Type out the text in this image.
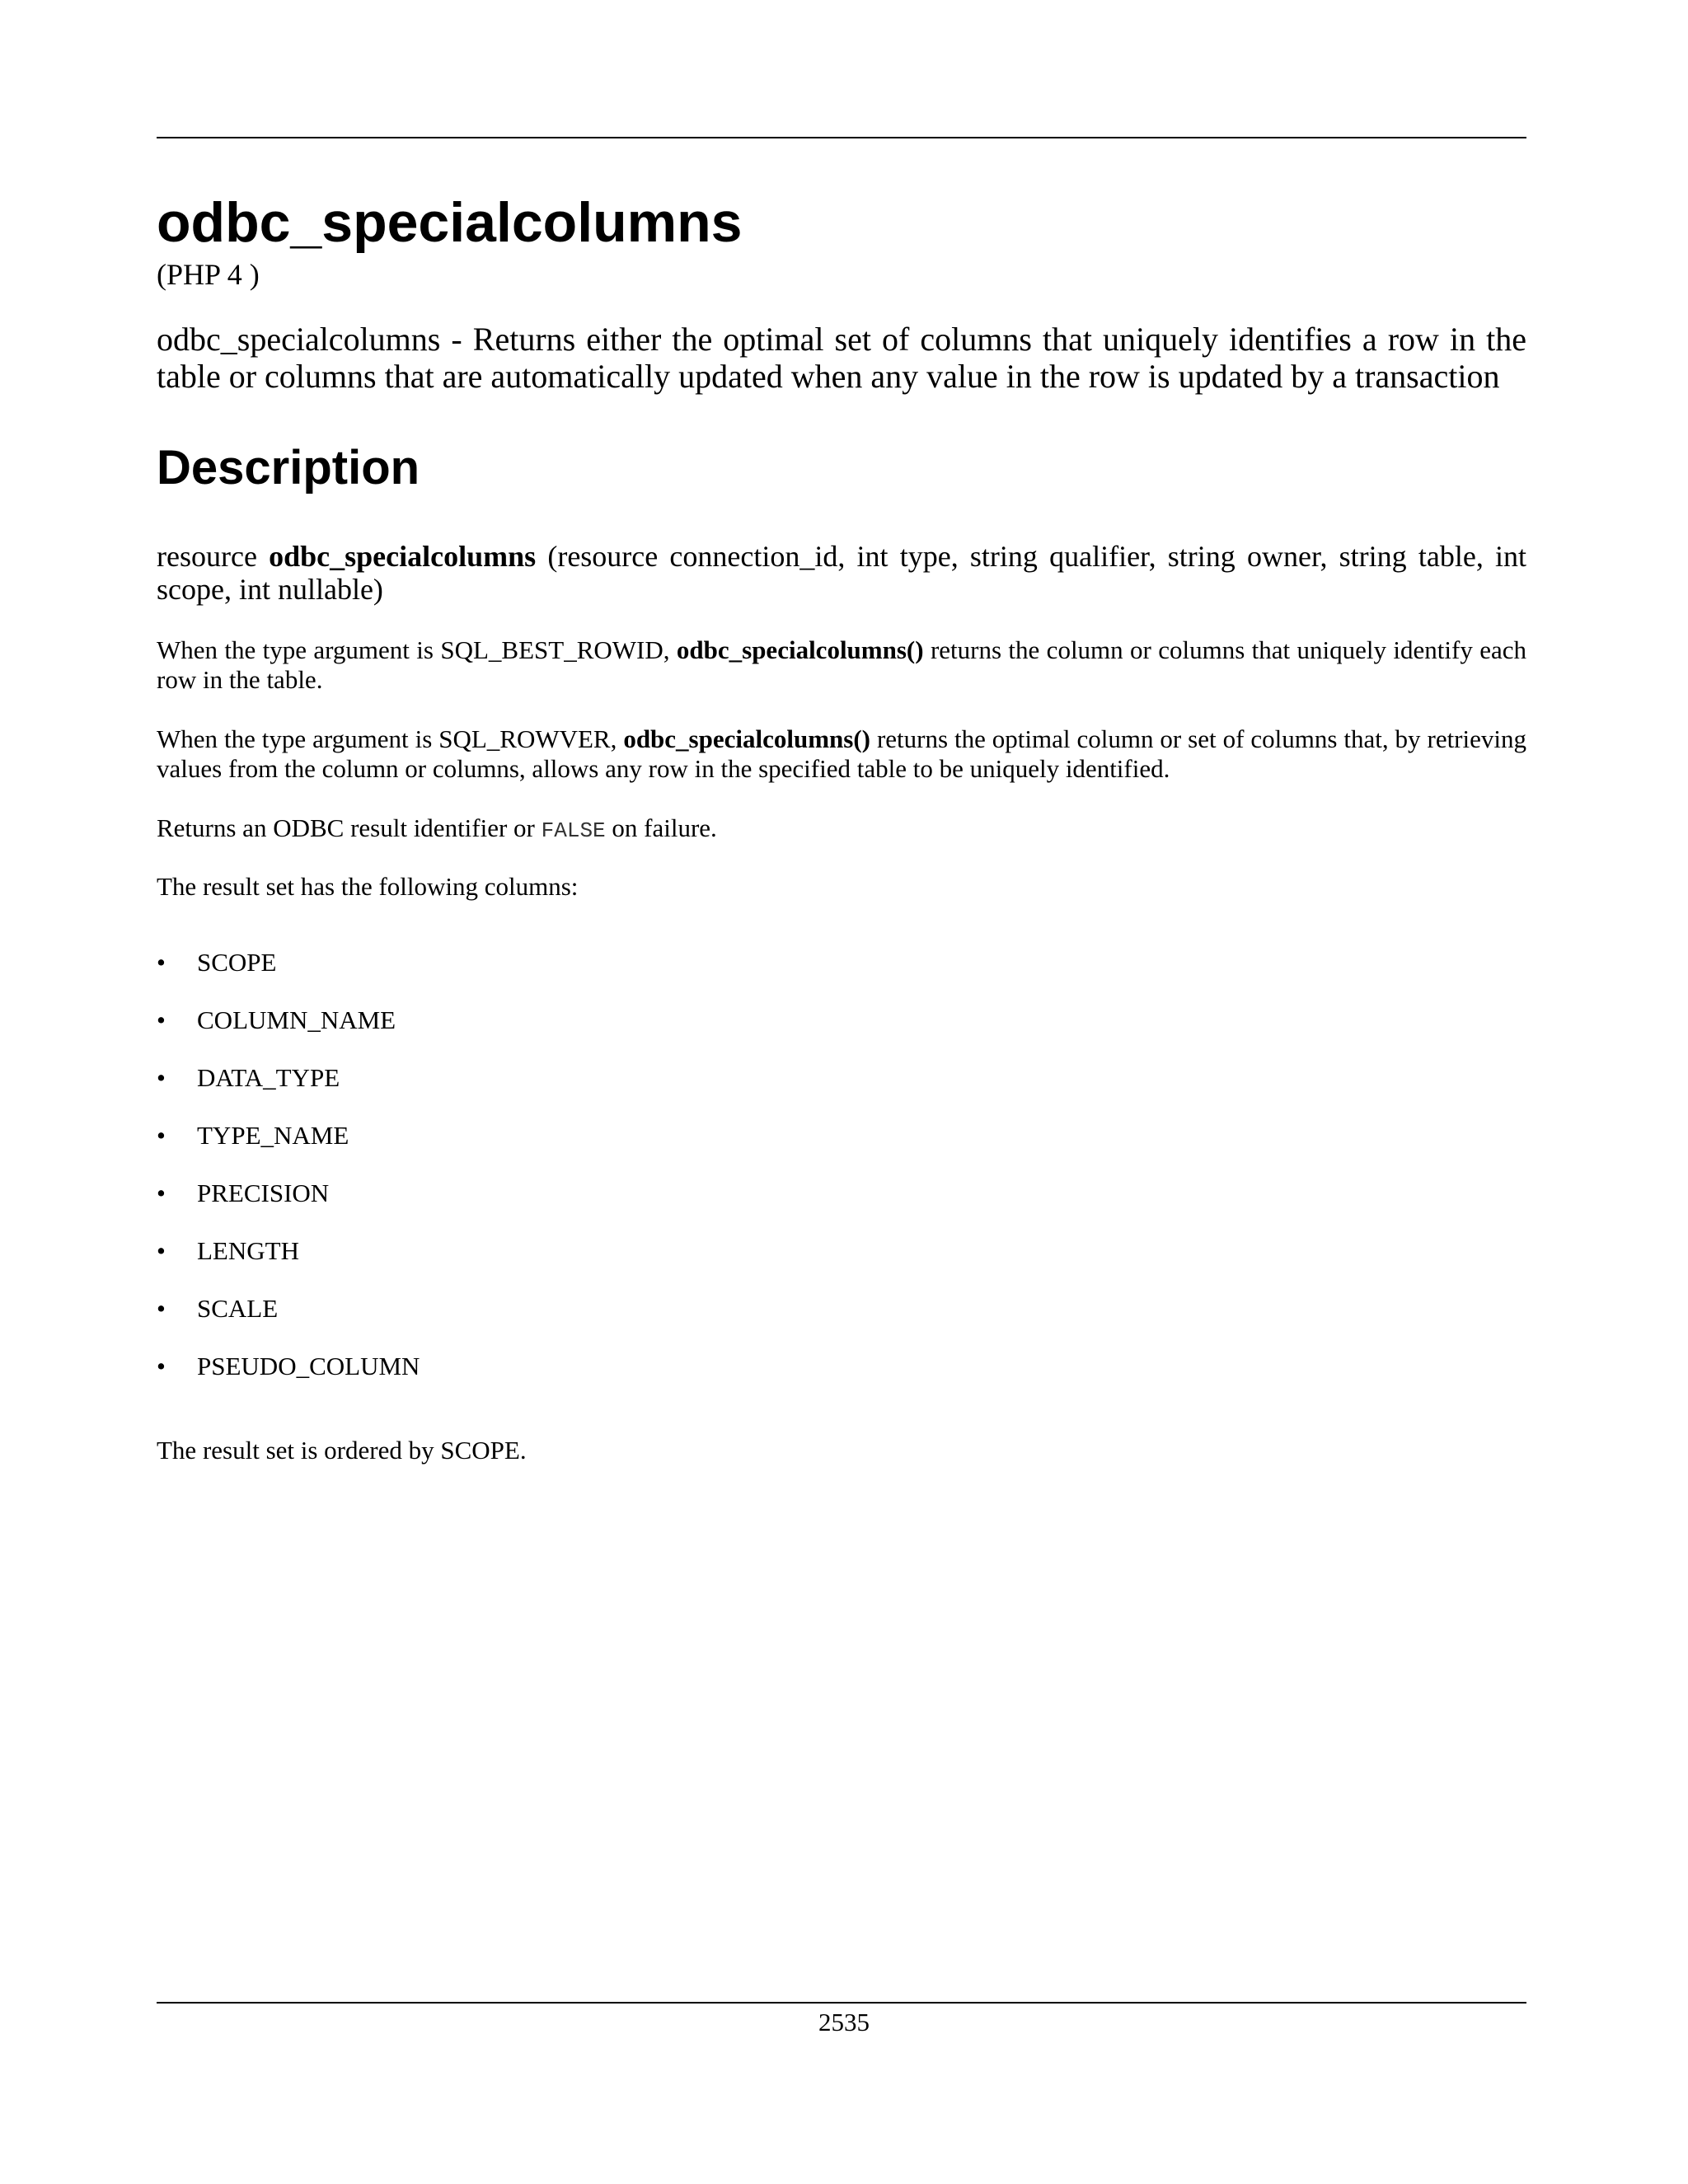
odbc_specialcolumns

(PHP 4 )

odbc_specialcolumns - Returns either the optimal set of columns that uniquely identifies a row in the table or columns that are automatically updated when any value in the row is updated by a transaction

Description

resource odbc_specialcolumns (resource connection_id, int type, string qualifier, string owner, string table, int scope, int nullable)

When the type argument is SQL_BEST_ROWID, odbc_specialcolumns() returns the column or columns that uniquely identify each row in the table.

When the type argument is SQL_ROWVER, odbc_specialcolumns() returns the optimal column or set of columns that, by retrieving values from the column or columns, allows any row in the specified table to be uniquely identified.

Returns an ODBC result identifier or FALSE on failure.

The result set has the following columns:

• SCOPE
• COLUMN_NAME
• DATA_TYPE
• TYPE_NAME
• PRECISION
• LENGTH
• SCALE
• PSEUDO_COLUMN

The result set is ordered by SCOPE.

2535
